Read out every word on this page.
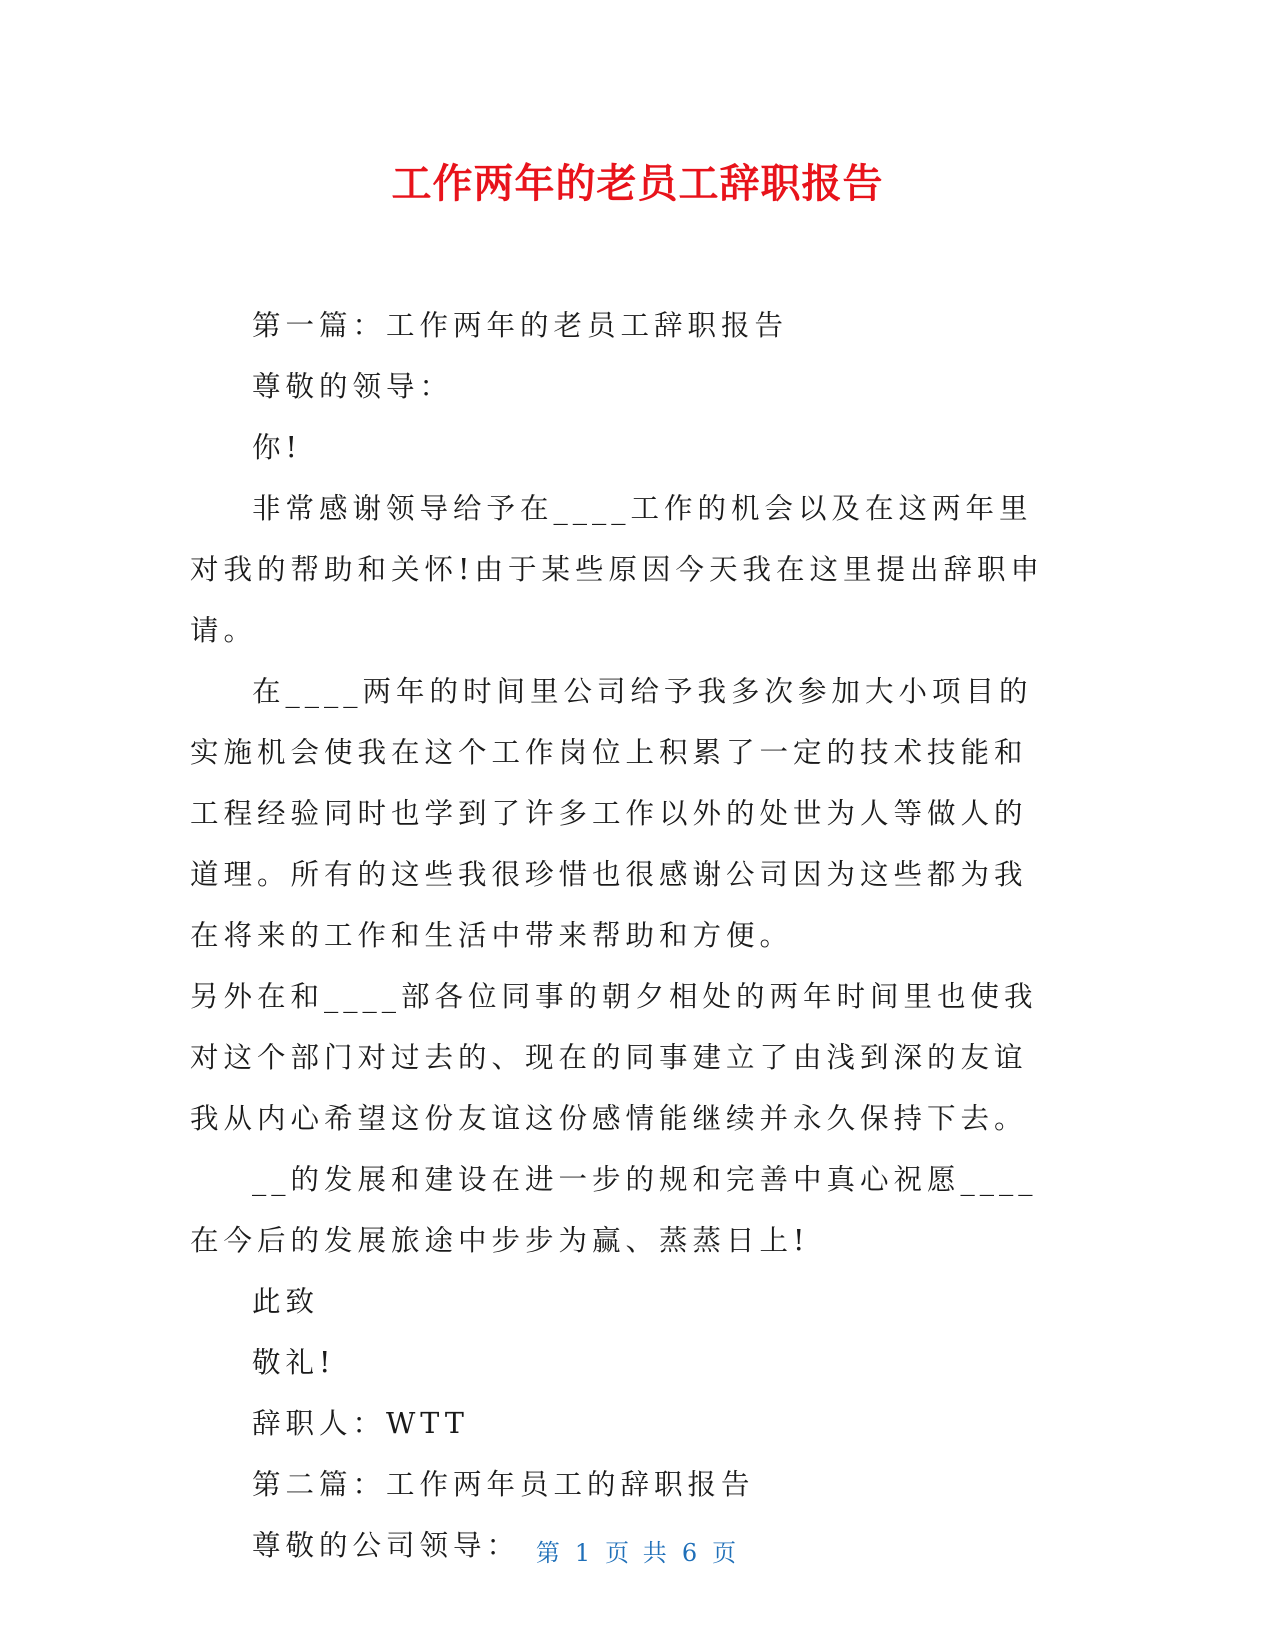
工作两年的老员工辞职报告

第一篇：工作两年的老员工辞职报告

尊敬的领导：

你!

非常感谢领导给予在____工作的机会以及在这两年里对我的帮助和关怀!由于某些原因今天我在这里提出辞职申请。

在____两年的时间里公司给予我多次参加大小项目的实施机会使我在这个工作岗位上积累了一定的技术技能和工程经验同时也学到了许多工作以外的处世为人等做人的道理。所有的这些我很珍惜也很感谢公司因为这些都为我在将来的工作和生活中带来帮助和方便。

另外在和____部各位同事的朝夕相处的两年时间里也使我对这个部门对过去的、现在的同事建立了由浅到深的友谊我从内心希望这份友谊这份感情能继续并永久保持下去。

__的发展和建设在进一步的规和完善中真心祝愿____在今后的发展旅途中步步为赢、蒸蒸日上!

此致

敬礼!

辞职人：WTT

第二篇：工作两年员工的辞职报告

尊敬的公司领导： 第 1 页 共 6 页
